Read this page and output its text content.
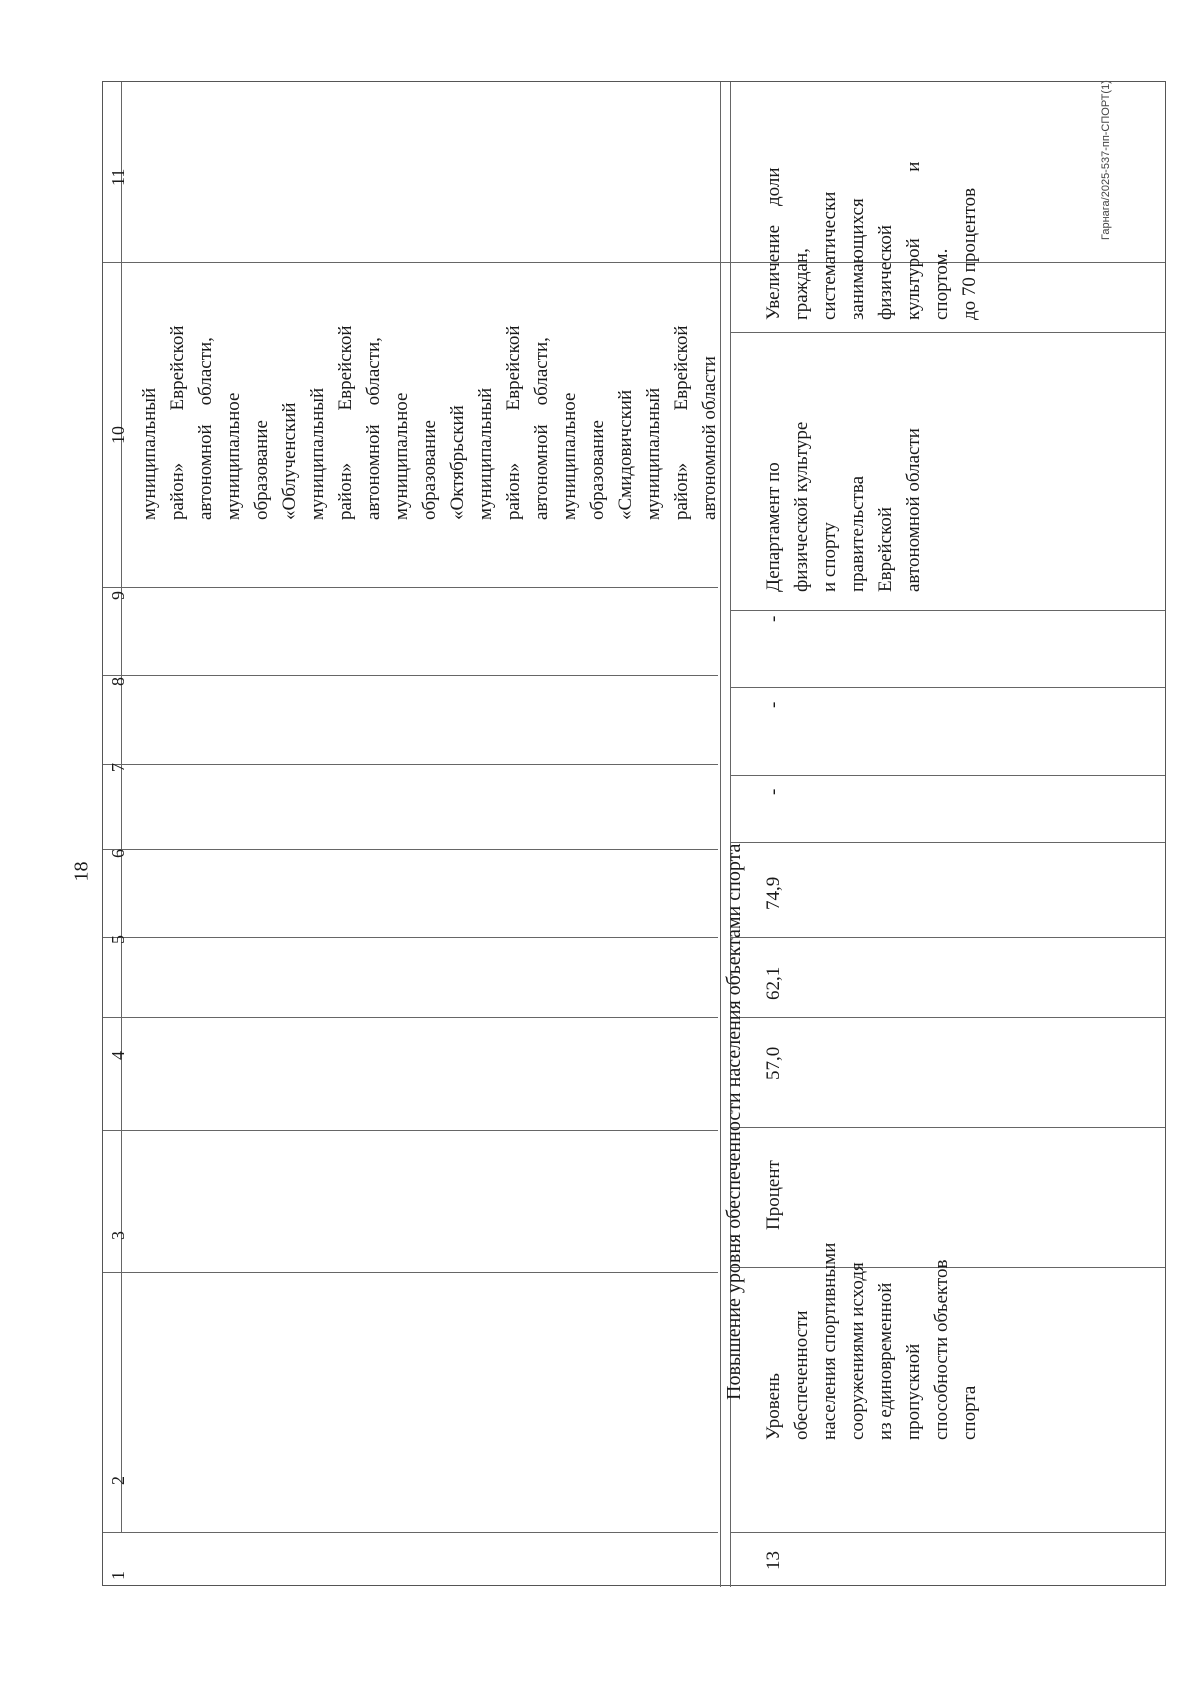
18
Гарнага/2025-537-пп-СПОРТ(1)
11
10
9
8
7
6
5
4
3
2
1
муниципальный район»           Еврейской автономной    области, муниципальное образование «Облученский муниципальный район»           Еврейской автономной    области, муниципальное образование «Октябрьский муниципальный район»           Еврейской автономной    области, муниципальное образование «Смидовичский муниципальный район»           Еврейской автономной области
Повышение уровня обеспеченности населения объектами спорта
13
Уровень обеспеченности населения спортивными сооружениями исходя из единовременной пропускной способности объектов спорта
Процент
57,0
62,1
74,9
-
-
-
Департамент по физической культуре и спорту правительства Еврейской автономной области
Увеличение    доли граждан, систематически занимающихся физической культурой              и спортом. до 70 процентов
